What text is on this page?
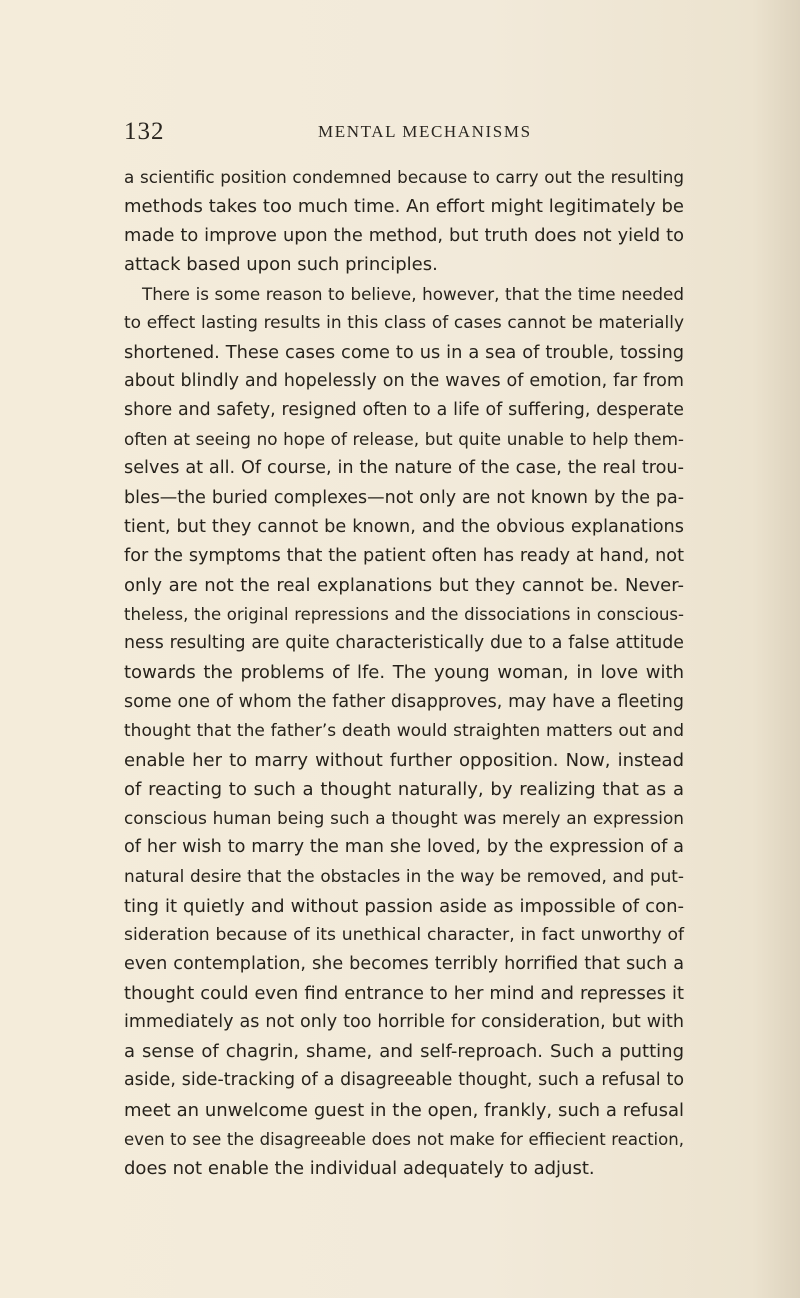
132	MENTAL MECHANISMS

a scientific position condemned because to carry out the resulting
methods takes too much time. An effort might legitimately be
made to improve upon the method, but truth does not yield to
attack based upon such principles.

There is some reason to believe, however, that the time needed
to effect lasting results in this class of cases cannot be materially
shortened. These cases come to us in a sea of trouble, tossing
about blindly and hopelessly on the waves of emotion, far from
shore and safety, resigned often to a life of suffering, desperate
often at seeing no hope of release, but quite unable to help them-
selves at all. Of course, in the nature of the case, the real trou-
bles—the buried complexes—not only are not known by the pa-
tient, but they cannot be known, and the obvious explanations
for the symptoms that the patient often has ready at hand, not
only are not the real explanations but they cannot be. Never-
theless, the original repressions and the dissociations in conscious-
ness resulting are quite characteristically due to a false attitude
towards the problems of lfe. The young woman, in love with
some one of whom the father disapproves, may have a fleeting
thought that the father’s death would straighten matters out and
enable her to marry without further opposition. Now, instead
of reacting to such a thought naturally, by realizing that as a
conscious human being such a thought was merely an expression
of her wish to marry the man she loved, by the expression of a
natural desire that the obstacles in the way be removed, and put-
ting it quietly and without passion aside as impossible of con-
sideration because of its unethical character, in fact unworthy of
even contemplation, she becomes terribly horrified that such a
thought could even find entrance to her mind and represses it
immediately as not only too horrible for consideration, but with
a sense of chagrin, shame, and self-reproach. Such a putting
aside, side-tracking of a disagreeable thought, such a refusal to
meet an unwelcome guest in the open, frankly, such a refusal
even to see the disagreeable does not make for effiecient reaction,
does not enable the individual adequately to adjust.
